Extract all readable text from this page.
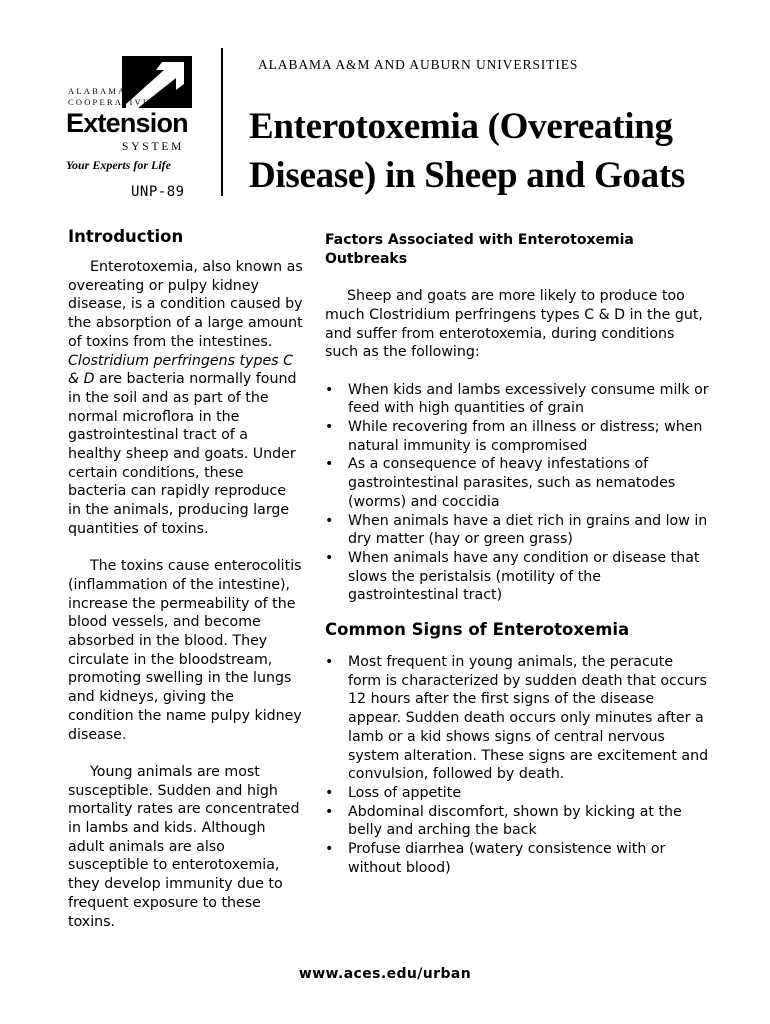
ALABAMA
COOPERATIVE
Extension
SYSTEM
Your Experts for Life
UNP-89
ALABAMA A&M AND AUBURN UNIVERSITIES
Enterotoxemia (Overeating
Disease) in Sheep and Goats
Introduction

Enterotoxemia, also known as overeating or pulpy kidney disease, is a condition caused by the absorption of a large amount of toxins from the intestines. Clostridium perfringens types C & D are bacteria normally found in the soil and as part of the normal microflora in the gastrointestinal tract of a healthy sheep and goats. Under certain conditions, these bacteria can rapidly reproduce in the animals, producing large quantities of toxins.

The toxins cause enterocolitis (inflammation of the intestine), increase the permeability of the blood vessels, and become absorbed in the blood. They circulate in the bloodstream, promoting swelling in the lungs and kidneys, giving the condition the name pulpy kidney disease.

Young animals are most susceptible. Sudden and high mortality rates are concentrated in lambs and kids. Although adult animals are also susceptible to enterotoxemia, they develop immunity due to frequent exposure to these toxins.

Factors Associated with Enterotoxemia Outbreaks

Sheep and goats are more likely to produce too much Clostridium perfringens types C & D in the gut, and suffer from enterotoxemia, during conditions such as the following:

• When kids and lambs excessively consume milk or feed with high quantities of grain
• While recovering from an illness or distress; when natural immunity is compromised
• As a consequence of heavy infestations of gastrointestinal parasites, such as nematodes (worms) and coccidia
• When animals have a diet rich in grains and low in dry matter (hay or green grass)
• When animals have any condition or disease that slows the peristalsis (motility of the gastrointestinal tract)
Common Signs of Enterotoxemia
• Most frequent in young animals, the peracute form is characterized by sudden death that occurs 12 hours after the first signs of the disease appear. Sudden death occurs only minutes after a lamb or a kid shows signs of central nervous system alteration. These signs are excitement and convulsion, followed by death.
• Loss of appetite
• Abdominal discomfort, shown by kicking at the belly and arching the back
• Profuse diarrhea (watery consistence with or without blood)
www.aces.edu/urban
